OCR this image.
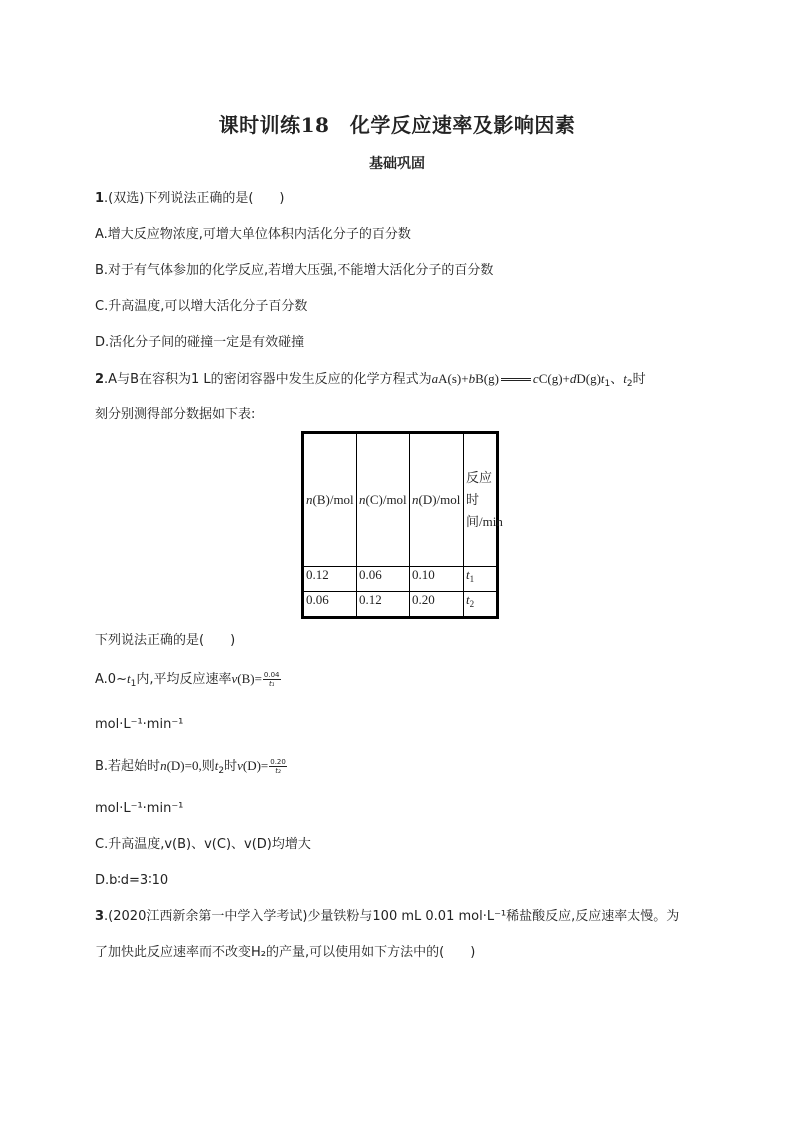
课时训练18　化学反应速率及影响因素
基础巩固
1.(双选)下列说法正确的是(　　)
A.增大反应物浓度,可增大单位体积内活化分子的百分数
B.对于有气体参加的化学反应,若增大压强,不能增大活化分子的百分数
C.升高温度,可以增大活化分子百分数
D.活化分子间的碰撞一定是有效碰撞
2.A与B在容积为1 L的密闭容器中发生反应的化学方程式为aA(s)+bB(g)	$cC(g)+dD(g)t_1$、$t_2$时
刻分别测得部分数据如下表:
n(B)/mol	n(C)/mol	n(D)/mol	反应时间/min

0.12	0.06	0.10	$t_1$
0.06	0.12	0.20	$t_2$
下列说法正确的是(　　)
$A.0\sim t_1$内,平均反应速率$v(B)= \frac{0.04}{\text{t₁}}$
mol·L⁻¹·min⁻¹
B.若起始时n(D)=0,则$t_2$时$v(D)= \frac{0.20}{\text{t₂}}$
mol·L⁻¹·min⁻¹
C.升高温度,v(B)、v(C)、v(D)均增大
D.b∶d=3∶10
3.(2020江西新余第一中学入学考试)少量铁粉与100 mL 0.01 mol·L⁻¹稀盐酸反应,反应速率太慢。为
了加快此反应速率而不改变H₂的产量,可以使用如下方法中的(　　)
